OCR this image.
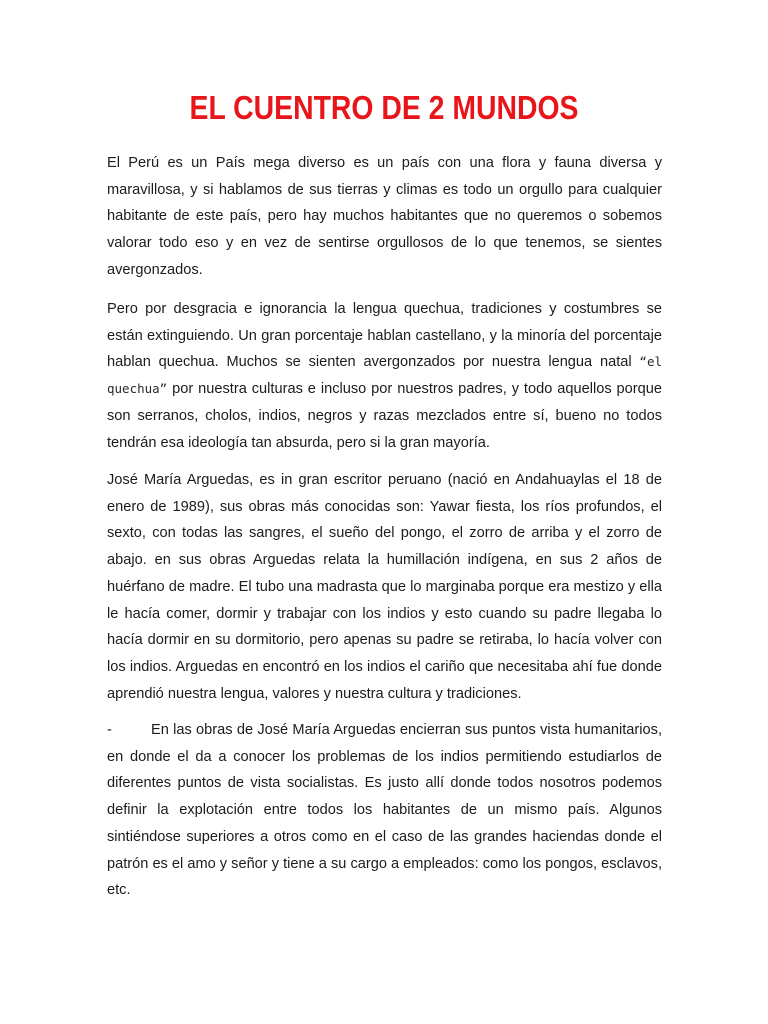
EL CUENTRO DE 2 MUNDOS

El Perú es un País mega diverso es un país con una flora y fauna diversa y maravillosa, y si hablamos de sus tierras y climas es todo un orgullo para cualquier habitante de este país, pero hay muchos habitantes que no queremos o sobemos valorar todo eso y en vez de sentirse orgullosos de lo que tenemos, se sientes avergonzados.

Pero por desgracia e ignorancia la lengua quechua, tradiciones y costumbres se están extinguiendo. Un gran porcentaje hablan castellano, y la minoría del porcentaje hablan quechua. Muchos se sienten avergonzados por nuestra lengua natal “el quechua” por nuestra culturas e incluso por nuestros padres, y todo aquellos porque son serranos, cholos, indios, negros y razas mezclados entre sí, bueno no todos tendrán esa ideología tan absurda, pero si la gran mayoría.

José María Arguedas, es in gran escritor peruano (nació en Andahuaylas el 18 de enero de 1989), sus obras más conocidas son: Yawar fiesta, los ríos profundos, el sexto, con todas las sangres, el sueño del pongo, el zorro de arriba y el zorro de abajo. en sus obras Arguedas relata la humillación indígena, en sus 2 años de huérfano de madre. El tubo una madrasta que lo marginaba porque era mestizo y ella le hacía comer, dormir y trabajar con los indios y esto cuando su padre llegaba lo hacía dormir en su dormitorio, pero apenas su padre se retiraba, lo hacía volver con los indios. Arguedas en encontró en los indios el cariño que necesitaba ahí fue donde aprendió nuestra lengua, valores y nuestra cultura y tradiciones.

-	En las obras de José María Arguedas encierran sus puntos vista humanitarios, en donde el da a conocer los problemas de los indios permitiendo estudiarlos de diferentes puntos de vista socialistas. Es justo allí donde todos nosotros podemos definir la explotación entre todos los habitantes de un mismo país. Algunos sintiéndose superiores a otros como en el caso de las grandes haciendas donde el patrón es el amo y señor y tiene a su cargo a empleados: como los pongos, esclavos, etc.
